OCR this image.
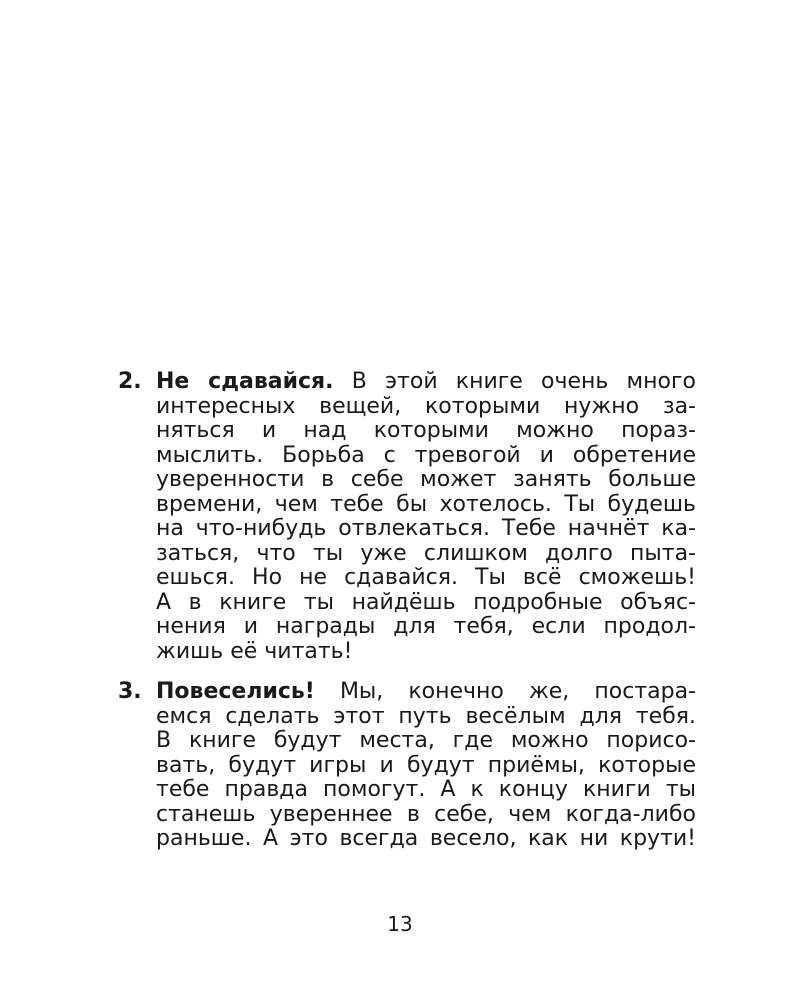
2. Не сдавайся. В этой книге очень много
интересных вещей, которыми нужно за-
няться и над которыми можно пораз-
мыслить. Борьба с тревогой и обретение
уверенности в себе может занять больше
времени, чем тебе бы хотелось. Ты будешь
на что-нибудь отвлекаться. Тебе начнёт ка-
заться, что ты уже слишком долго пыта-
ешься. Но не сдавайся. Ты всё сможешь!
А в книге ты найдёшь подробные объяс-
нения и награды для тебя, если продол-
жишь её читать!
3. Повеселись! Мы, конечно же, постара-
емся сделать этот путь весёлым для тебя.
В книге будут места, где можно порисо-
вать, будут игры и будут приёмы, которые
тебе правда помогут. А к концу книги ты
станешь увереннее в себе, чем когда-либо
раньше. А это всегда весело, как ни крути!
13
